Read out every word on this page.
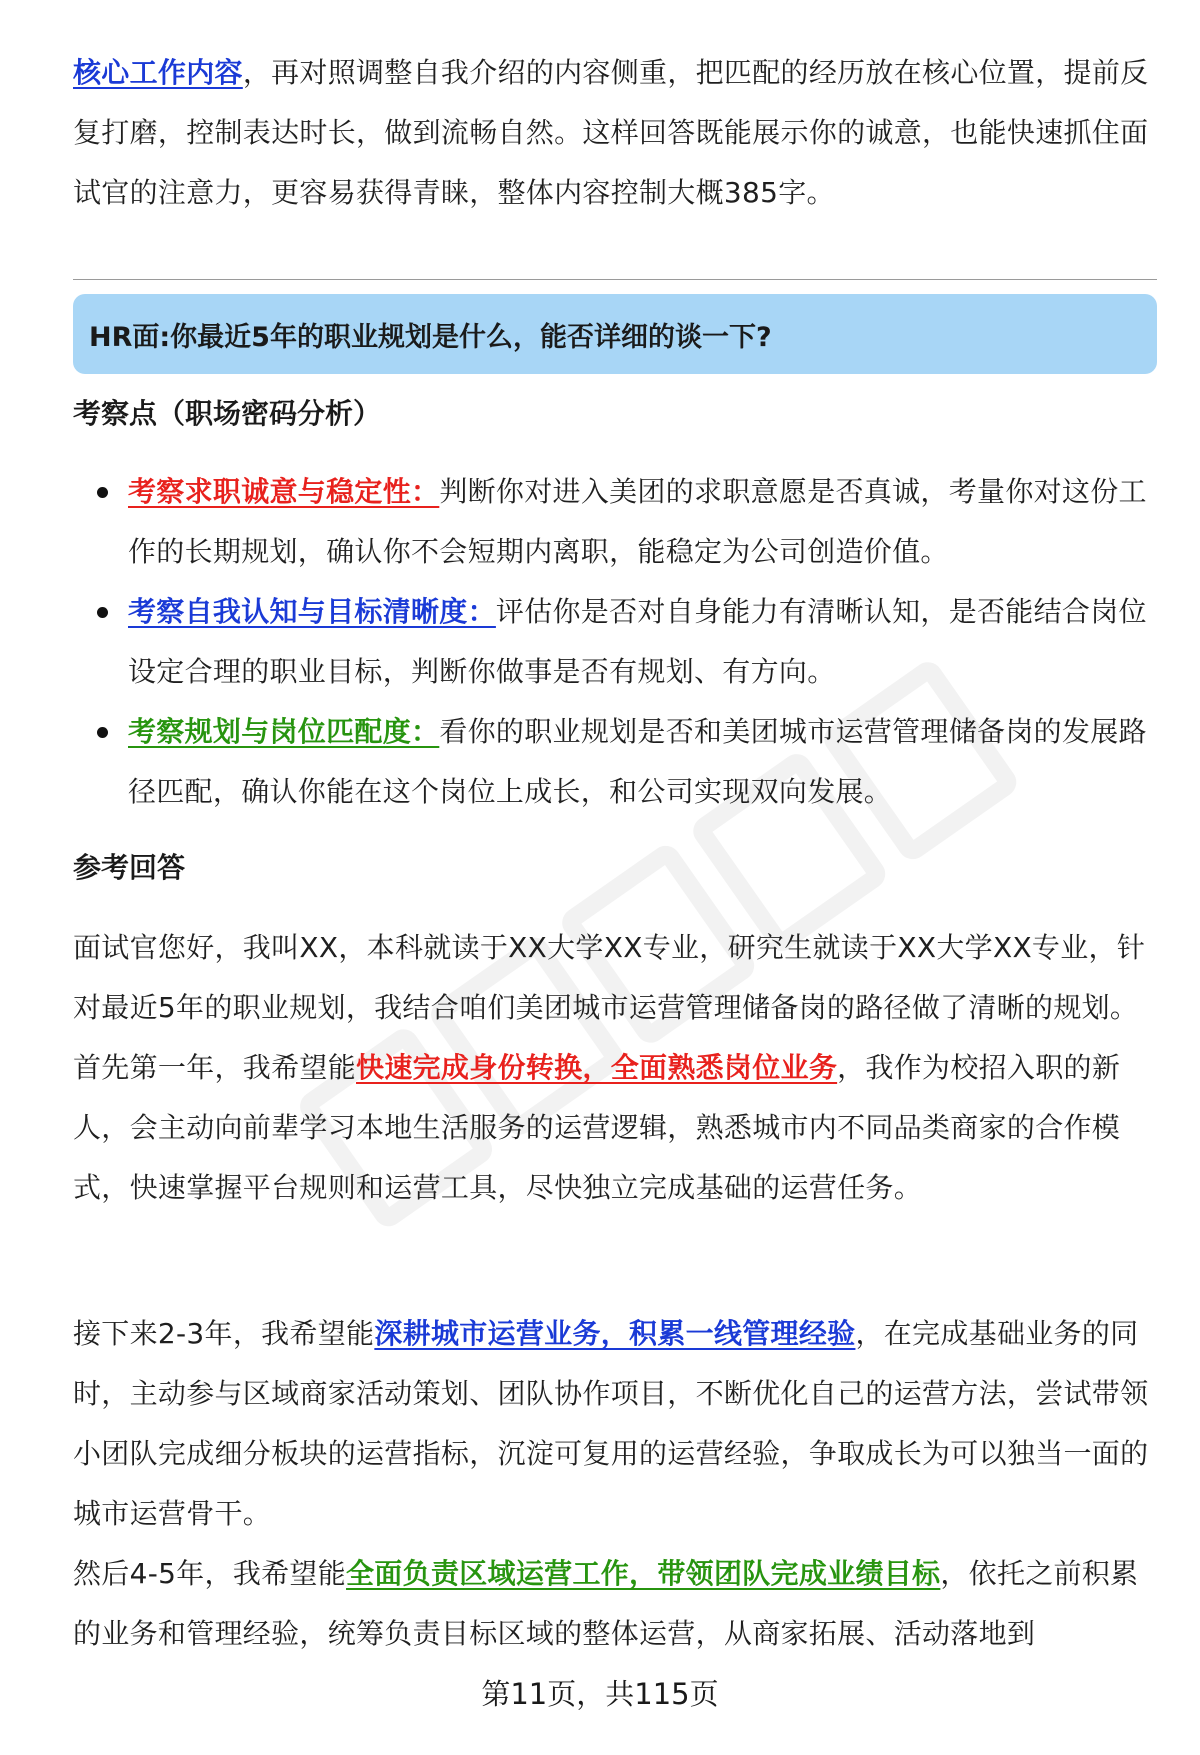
核心工作内容，再对照调整自我介绍的内容侧重，把匹配的经历放在核心位置，提前反复打磨，控制表达时长，做到流畅自然。这样回答既能展示你的诚意，也能快速抓住面试官的注意力，更容易获得青睐，整体内容控制大概385字。

HR面:你最近5年的职业规划是什么，能否详细的谈一下?
考察点（职场密码分析）
考察求职诚意与稳定性：判断你对进入美团的求职意愿是否真诚，考量你对这份工作的长期规划，确认你不会短期内离职，能稳定为公司创造价值。
考察自我认知与目标清晰度：评估你是否对自身能力有清晰认知，是否能结合岗位设定合理的职业目标，判断你做事是否有规划、有方向。
考察规划与岗位匹配度：看你的职业规划是否和美团城市运营管理储备岗的发展路径匹配，确认你能在这个岗位上成长，和公司实现双向发展。
参考回答

面试官您好，我叫XX，本科就读于XX大学XX专业，研究生就读于XX大学XX专业，针对最近5年的职业规划，我结合咱们美团城市运营管理储备岗的路径做了清晰的规划。首先第一年，我希望能快速完成身份转换，全面熟悉岗位业务，我作为校招入职的新人，会主动向前辈学习本地生活服务的运营逻辑，熟悉城市内不同品类商家的合作模式，快速掌握平台规则和运营工具，尽快独立完成基础的运营任务。

接下来2-3年，我希望能深耕城市运营业务，积累一线管理经验，在完成基础业务的同时，主动参与区域商家活动策划、团队协作项目，不断优化自己的运营方法，尝试带领小团队完成细分板块的运营指标，沉淀可复用的运营经验，争取成长为可以独当一面的城市运营骨干。

然后4-5年，我希望能全面负责区域运营工作，带领团队完成业绩目标，依托之前积累的业务和管理经验，统筹负责目标区域的整体运营，从商家拓展、活动落地到

第11页，共115页
